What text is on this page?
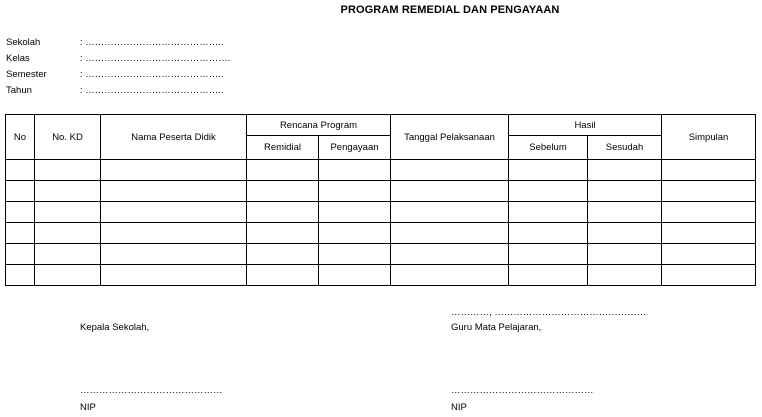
PROGRAM REMEDIAL DAN PENGAYAAN
Sekolah	: ……………………………………..
Kelas	: ……………………………………….
Semester	: ……………………………………..
Tahun	: ……………………………………..
No	No. KD	Nama Peserta Didik	Rencana Program		Tanggal Pelaksanaan	Hasil		Simpulan
			Remidial	Pengayaan		Sebelum	Sesudah	

…………, …………………………………………
Kepala Sekolah,	Guru Mata Pelajaran,
………………………………………	………………………………………
NIP	NIP
